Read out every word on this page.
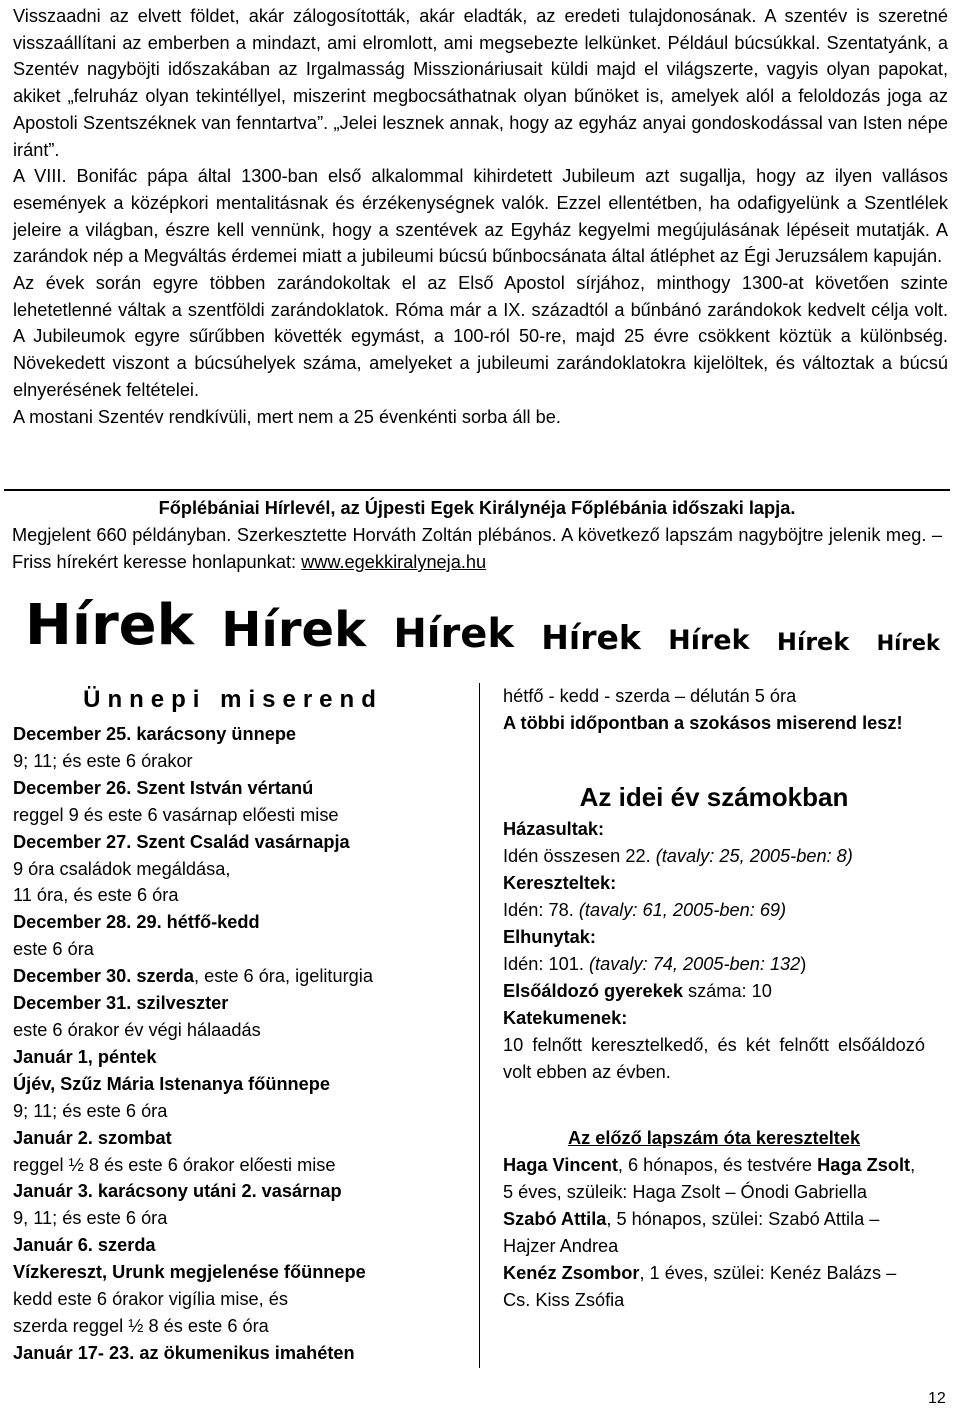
Visszaadni az elvett földet, akár zálogosították, akár eladták, az eredeti tulajdonosának. A szentév is szeretné visszaállítani az emberben a mindazt, ami elromlott, ami megsebezte lelkünket. Például búcsúkkal. Szentatyánk, a Szentév nagyböjti időszakában az Irgalmasság Misszionáriusait küldi majd el világszerte, vagyis olyan papokat, akiket „felruház olyan tekintéllyel, miszerint megbocsáthatnak olyan bűnöket is, amelyek alól a feloldozás joga az Apostoli Szentszéknek van fenntartva”. „Jelei lesznek annak, hogy az egyház anyai gondoskodással van Isten népe iránt”.

A VIII. Bonifác pápa által 1300-ban első alkalommal kihirdetett Jubileum azt sugallja, hogy az ilyen vallásos események a középkori mentalitásnak és érzékenységnek valók. Ezzel ellentétben, ha odafigyelünk a Szentlélek jeleire a világban, észre kell vennünk, hogy a szentévek az Egyház kegyelmi megújulásának lépéseit mutatják. A zarándok nép a Megváltás érdemei miatt a jubileumi búcsú bűnbocsánata által átléphet az Égi Jeruzsálem kapuján.

Az évek során egyre többen zarándokoltak el az Első Apostol sírjához, minthogy 1300-at követően szinte lehetetlenné váltak a szentföldi zarándoklatok. Róma már a IX. századtól a bűnbánó zarándokok kedvelt célja volt. A Jubileumok egyre sűrűbben követték egymást, a 100-ról 50-re, majd 25 évre csökkent köztük a különbség. Növekedett viszont a búcsúhelyek száma, amelyeket a jubileumi zarándoklatokra kijelöltek, és változtak a búcsú elnyerésének feltételei.

A mostani Szentév rendkívüli, mert nem a 25 évenkénti sorba áll be.

Főplébániai Hírlevél, az Újpesti Egek Királynéja Főplébánia időszaki lapja.

Megjelent 660 példányban. Szerkesztette Horváth Zoltán plébános. A következő lapszám nagyböjtre jelenik meg. – Friss hírekért keresse honlapunkat: www.egekkiralyneja.hu

Hírek Hírek Hírek Hírek Hírek Hírek Hírek

Ünnepi miserend

December 25. karácsony ünnepe

9; 11; és este 6 órakor

December 26. Szent István vértanú

reggel 9 és este 6 vasárnap előesti mise

December 27. Szent Család vasárnapja

9 óra családok megáldása,

11 óra, és este 6 óra

December 28. 29. hétfő-kedd

este 6 óra

December 30. szerda, este 6 óra, igeliturgia

December 31. szilveszter

este 6 órakor év végi hálaadás

Január 1, péntek

Újév, Szűz Mária Istenanya főünnepe

9; 11; és este 6 óra

Január 2. szombat

reggel ½ 8 és este 6 órakor előesti mise

Január 3. karácsony utáni 2. vasárnap

9, 11; és este 6 óra

Január 6. szerda

Vízkereszt, Urunk megjelenése főünnepe

kedd este 6 órakor vigília mise, és

szerda reggel ½ 8 és este 6 óra

Január 17- 23. az ökumenikus imahéten

hétfő - kedd - szerda – délután 5 óra

A többi időpontban a szokásos miserend lesz!

Az idei év számokban

Házasultak:

Idén összesen 22. (tavaly: 25, 2005-ben: 8)

Kereszteltek:

Idén: 78. (tavaly: 61, 2005-ben: 69)

Elhunytak:

Idén: 101. (tavaly: 74, 2005-ben: 132)

Elsőáldozó gyerekek száma: 10

Katekumenek:

10 felnőtt keresztelkedő, és két felnőtt elsőáldozó volt ebben az évben.

Az előző lapszám óta kereszteltek

Haga Vincent, 6 hónapos, és testvére Haga Zsolt, 5 éves, szüleik: Haga Zsolt – Ónodi Gabriella

Szabó Attila, 5 hónapos, szülei: Szabó Attila – Hajzer Andrea

Kenéz Zsombor, 1 éves, szülei: Kenéz Balázs – Cs. Kiss Zsófia

12
